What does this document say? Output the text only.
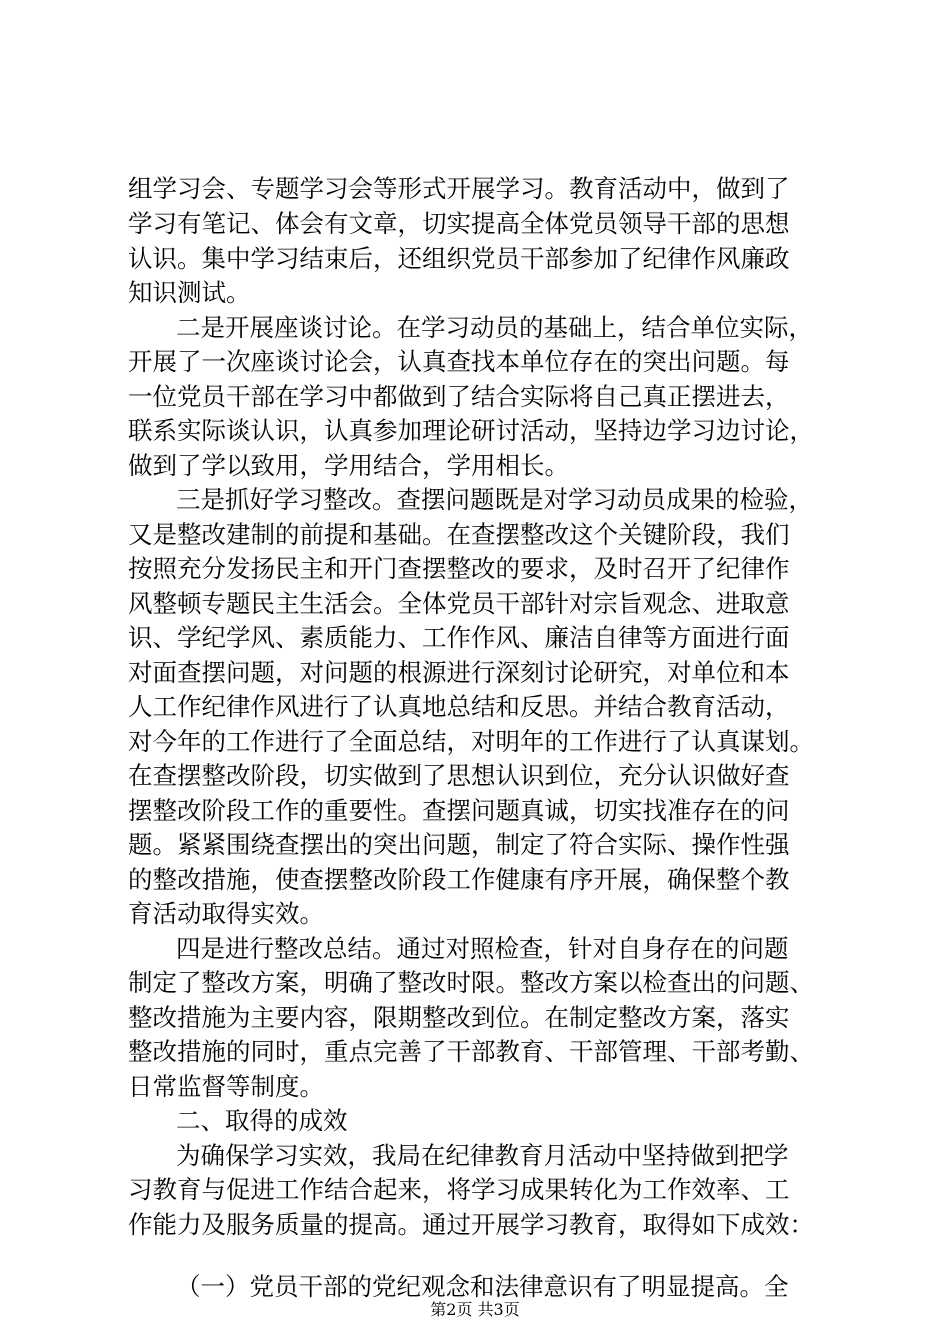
组学习会、专题学习会等形式开展学习。教育活动中，做到了
学习有笔记、体会有文章，切实提高全体党员领导干部的思想
认识。集中学习结束后，还组织党员干部参加了纪律作风廉政
知识测试。
二是开展座谈讨论。在学习动员的基础上，结合单位实际，
开展了一次座谈讨论会，认真查找本单位存在的突出问题。每
一位党员干部在学习中都做到了结合实际将自己真正摆进去，
联系实际谈认识，认真参加理论研讨活动，坚持边学习边讨论，
做到了学以致用，学用结合，学用相长。
三是抓好学习整改。查摆问题既是对学习动员成果的检验，
又是整改建制的前提和基础。在查摆整改这个关键阶段，我们
按照充分发扬民主和开门查摆整改的要求，及时召开了纪律作
风整顿专题民主生活会。全体党员干部针对宗旨观念、进取意
识、学纪学风、素质能力、工作作风、廉洁自律等方面进行面
对面查摆问题，对问题的根源进行深刻讨论研究，对单位和本
人工作纪律作风进行了认真地总结和反思。并结合教育活动，
对今年的工作进行了全面总结，对明年的工作进行了认真谋划。
在查摆整改阶段，切实做到了思想认识到位，充分认识做好查
摆整改阶段工作的重要性。查摆问题真诚，切实找准存在的问
题。紧紧围绕查摆出的突出问题，制定了符合实际、操作性强
的整改措施，使查摆整改阶段工作健康有序开展，确保整个教
育活动取得实效。
四是进行整改总结。通过对照检查，针对自身存在的问题
制定了整改方案，明确了整改时限。整改方案以检查出的问题、
整改措施为主要内容，限期整改到位。在制定整改方案，落实
整改措施的同时，重点完善了干部教育、干部管理、干部考勤、
日常监督等制度。
二、取得的成效
为确保学习实效，我局在纪律教育月活动中坚持做到把学
习教育与促进工作结合起来，将学习成果转化为工作效率、工
作能力及服务质量的提高。通过开展学习教育，取得如下成效：
（一）党员干部的党纪观念和法律意识有了明显提高。全
第2页 共3页
